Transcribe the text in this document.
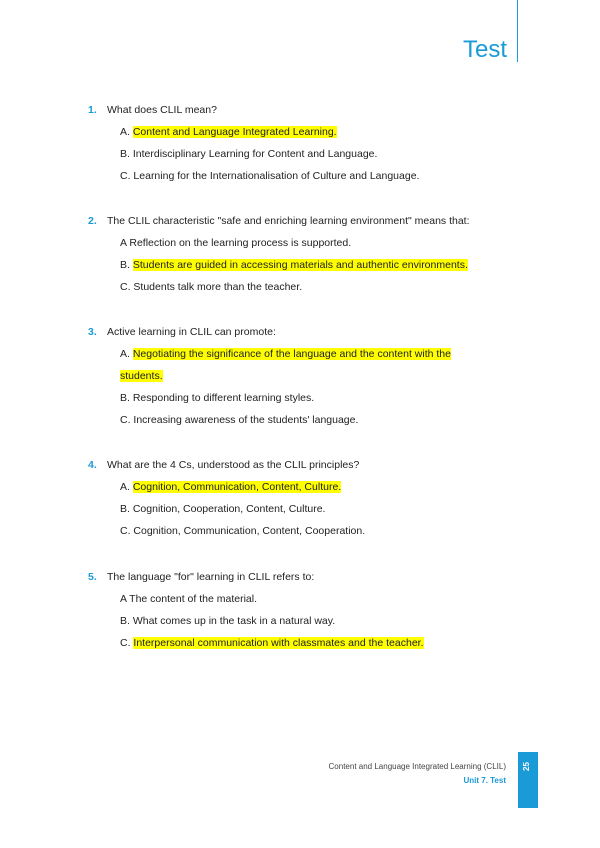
Test
1. What does CLIL mean?
A. Content and Language Integrated Learning.
B. Interdisciplinary Learning for Content and Language.
C. Learning for the Internationalisation of Culture and Language.
2. The CLIL characteristic "safe and enriching learning environment" means that:
A Reflection on the learning process is supported.
B. Students are guided in accessing materials and authentic environments.
C. Students talk more than the teacher.
3. Active learning in CLIL can promote:
A. Negotiating the significance of the language and the content with the
students.
B. Responding to different learning styles.
C. Increasing awareness of the students' language.
4. What are the 4 Cs, understood as the CLIL principles?
A. Cognition, Communication, Content, Culture.
B. Cognition, Cooperation, Content, Culture.
C. Cognition, Communication, Content, Cooperation.
5. The language "for" learning in CLIL refers to:
A The content of the material.
B. What comes up in the task in a natural way.
C. Interpersonal communication with classmates and the teacher.
Content and Language Integrated Learning (CLIL)
Unit 7. Test
25
